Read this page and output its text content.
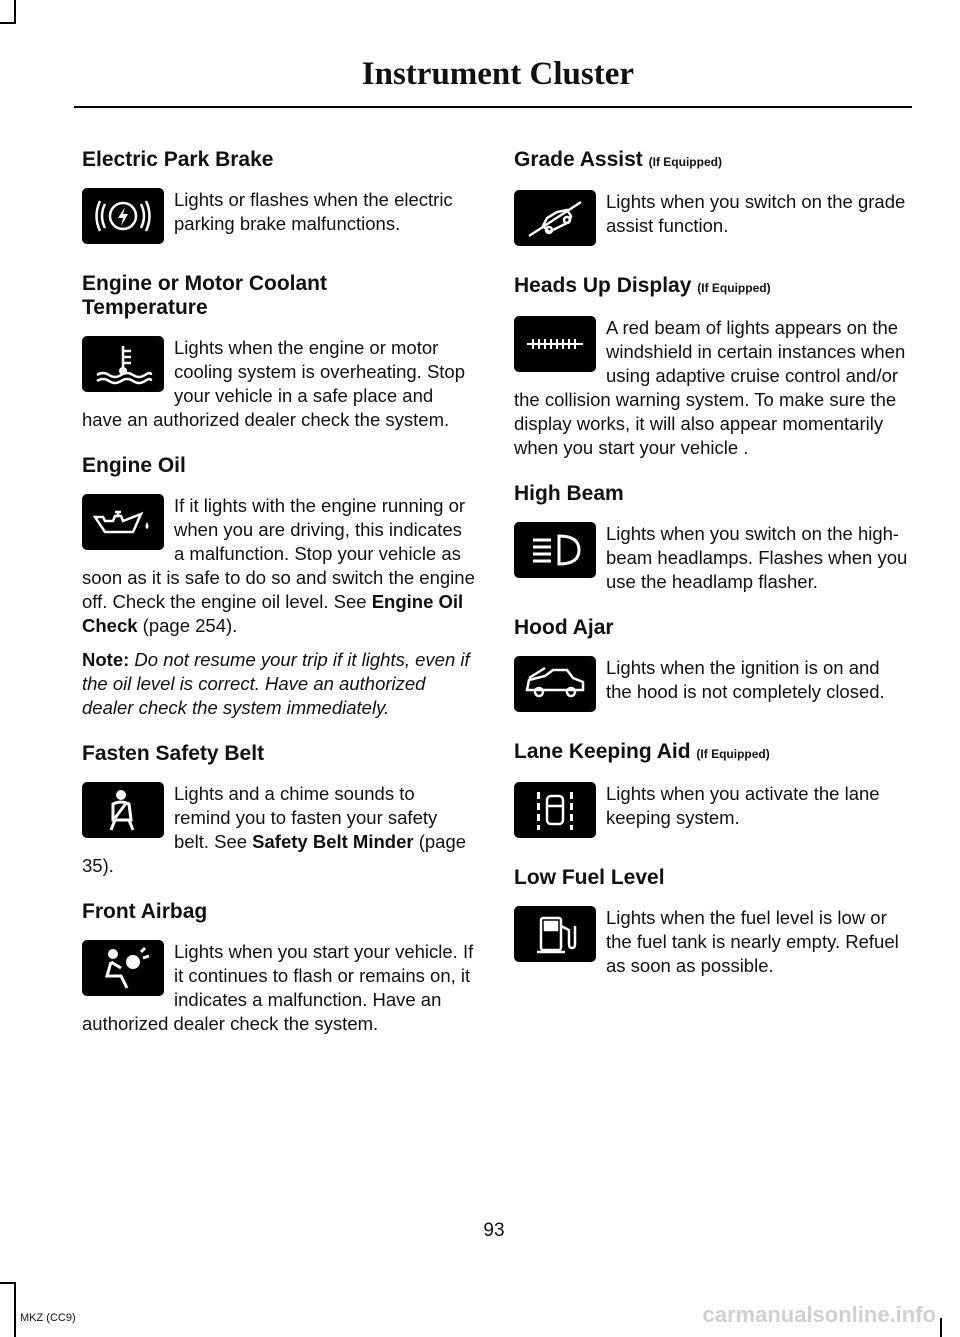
Instrument Cluster
Electric Park Brake

Lights or flashes when the electric parking brake malfunctions.

Engine or Motor Coolant
Temperature

Lights when the engine or motor cooling system is overheating. Stop your vehicle in a safe place and have an authorized dealer check the system.

Engine Oil

If it lights with the engine running or when you are driving, this indicates a malfunction. Stop your vehicle as soon as it is safe to do so and switch the engine off. Check the engine oil level. See Engine Oil Check (page 254).

Note: Do not resume your trip if it lights, even if the oil level is correct. Have an authorized dealer check the system immediately.

Fasten Safety Belt

Lights and a chime sounds to remind you to fasten your safety belt. See Safety Belt Minder (page 35).

Front Airbag

Lights when you start your vehicle. If it continues to flash or remains on, it indicates a malfunction. Have an authorized dealer check the system.

Grade Assist (If Equipped)

Lights when you switch on the grade assist function.

Heads Up Display (If Equipped)

A red beam of lights appears on the windshield in certain instances when using adaptive cruise control and/or the collision warning system. To make sure the display works, it will also appear momentarily when you start your vehicle .

High Beam

Lights when you switch on the high-beam headlamps. Flashes when you use the headlamp flasher.

Hood Ajar

Lights when the ignition is on and the hood is not completely closed.

Lane Keeping Aid (If Equipped)

Lights when you activate the lane keeping system.

Low Fuel Level

Lights when the fuel level is low or the fuel tank is nearly empty. Refuel as soon as possible.

93
MKZ (CC9)	carmanualsonline.info
